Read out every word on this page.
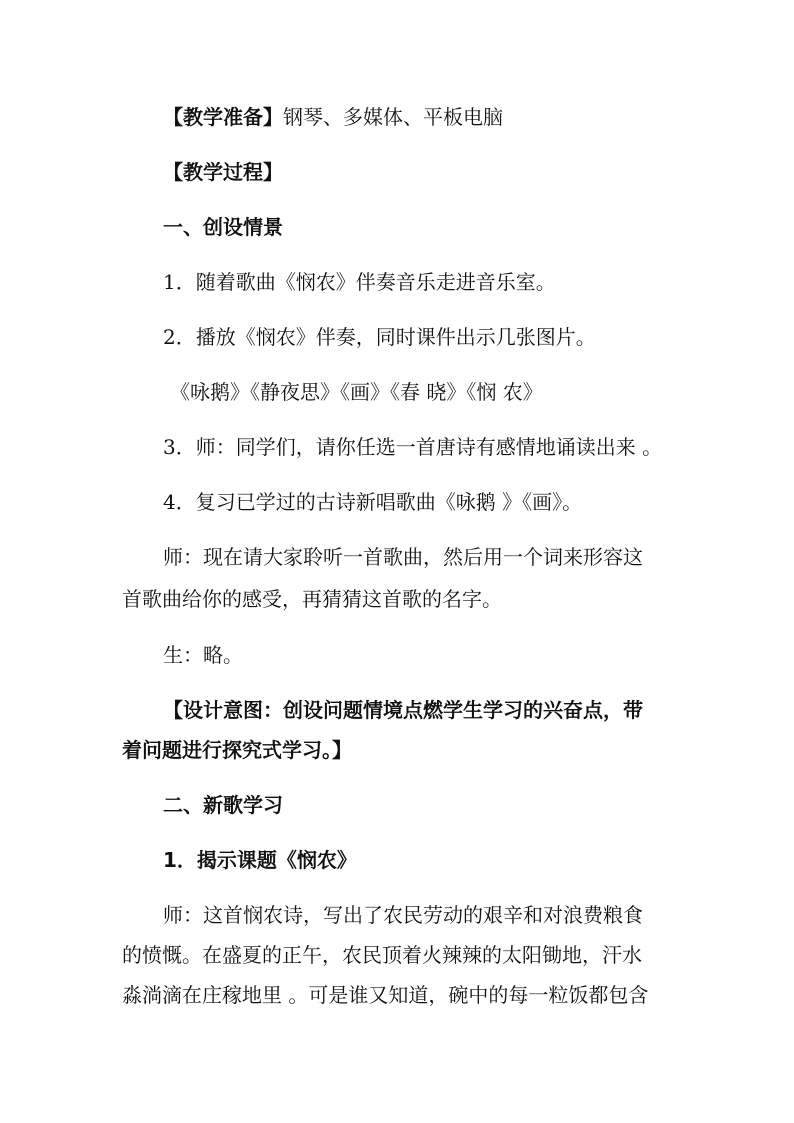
【教学准备】钢琴、多媒体、平板电脑
【教学过程】
一、创设情景
1．随着歌曲《悯农》伴奏音乐走进音乐室。
2．播放《悯农》伴奏，同时课件出示几张图片。
《咏鹅》《静夜思》《画》《春 晓》《悯 农》
3．师：同学们，请你任选一首唐诗有感情地诵读出来 。
4．复习已学过的古诗新唱歌曲《咏鹅 》《画》。
师：现在请大家聆听一首歌曲，然后用一个词来形容这
首歌曲给你的感受，再猜猜这首歌的名字。
生：略。
【设计意图：创设问题情境点燃学生学习的兴奋点，带
着问题进行探究式学习。】
二、新歌学习
1．揭示课题《悯农》
师：这首悯农诗，写出了农民劳动的艰辛和对浪费粮食
的愤慨。在盛夏的正午，农民顶着火辣辣的太阳锄地，汗水
淼淌滴在庄稼地里 。可是谁又知道，碗中的每一粒饭都包含
